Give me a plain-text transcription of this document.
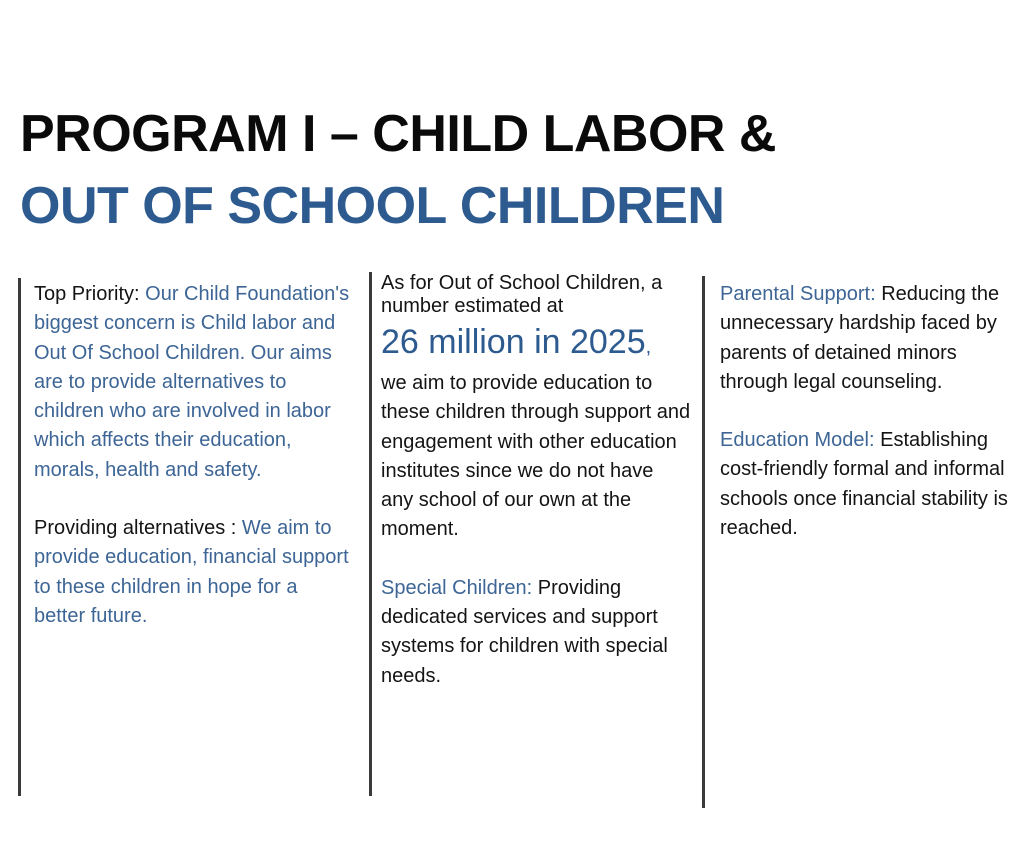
PROGRAM I – CHILD LABOR &
OUT OF SCHOOL CHILDREN

Top Priority: Our Child Foundation's biggest concern is Child labor and Out Of School Children. Our aims are to provide alternatives to children who are involved in labor which affects their education, morals, health and safety.

Providing alternatives : We aim to provide education, financial support to these children in hope for a better future.

As for Out of School Children, a number estimated at

26 million in 2025,

we aim to provide education to these children through support and engagement with other education institutes since we do not have any school of our own at the moment.

Special Children: Providing dedicated services and support systems for children with special needs.

Parental Support: Reducing the unnecessary hardship faced by parents of detained minors through legal counseling.

Education Model: Establishing cost-friendly formal and informal schools once financial stability is reached.
